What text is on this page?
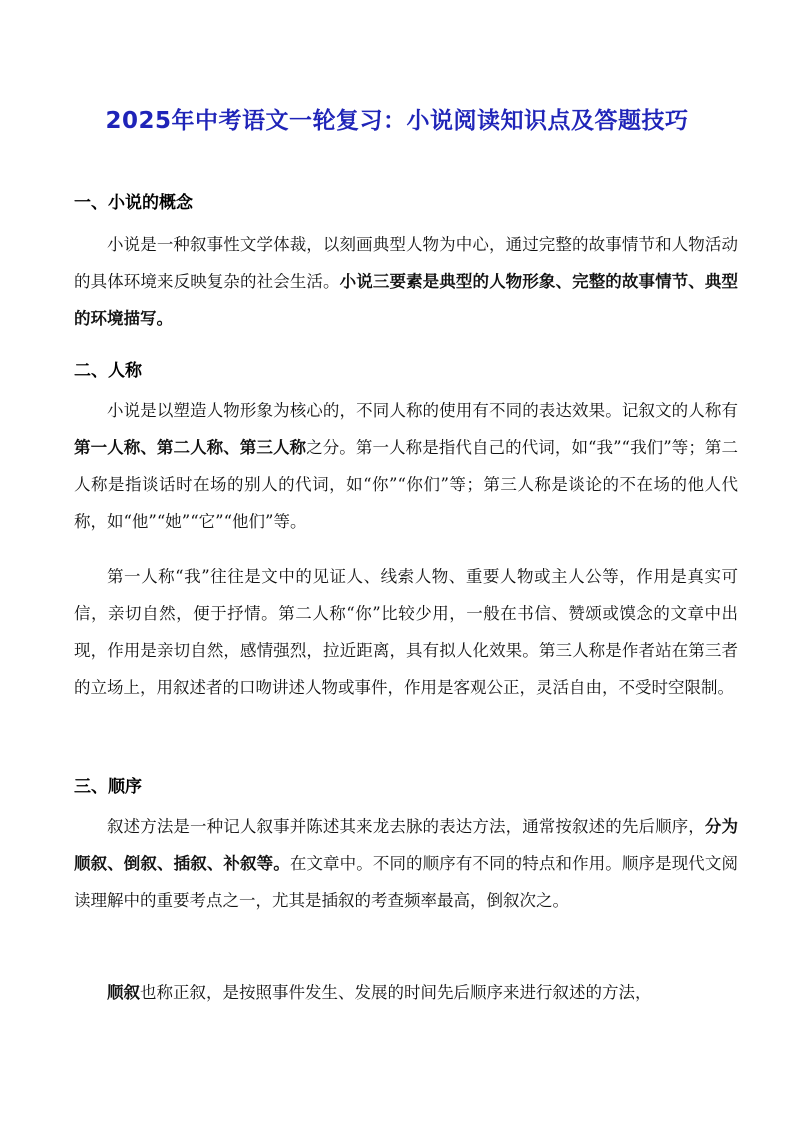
2025年中考语文一轮复习：小说阅读知识点及答题技巧
一、小说的概念
小说是一种叙事性文学体裁，以刻画典型人物为中心，通过完整的故事情节和人物活动的具体环境来反映复杂的社会生活。小说三要素是典型的人物形象、完整的故事情节、典型的环境描写。
二、人称
小说是以塑造人物形象为核心的，不同人称的使用有不同的表达效果。记叙文的人称有第一人称、第二人称、第三人称之分。第一人称是指代自己的代词，如“我”“我们”等；第二人称是指谈话时在场的别人的代词，如“你”“你们”等；第三人称是谈论的不在场的他人代称，如“他”“她”“它”“他们”等。
第一人称“我”往往是文中的见证人、线索人物、重要人物或主人公等，作用是真实可信，亲切自然，便于抒情。第二人称“你”比较少用，一般在书信、赞颂或馍念的文章中出现，作用是亲切自然，感情强烈，拉近距离，具有拟人化效果。第三人称是作者站在第三者的立场上，用叙述者的口吻讲述人物或事件，作用是客观公正，灵活自由，不受时空限制。
三、顺序
叙述方法是一种记人叙事并陈述其来龙去脉的表达方法，通常按叙述的先后顺序，分为顺叙、倒叙、插叙、补叙等。在文章中。不同的顺序有不同的特点和作用。顺序是现代文阅读理解中的重要考点之一，尤其是插叙的考查频率最高，倒叙次之。
顺叙也称正叙，是按照事件发生、发展的时间先后顺序来进行叙述的方法，
